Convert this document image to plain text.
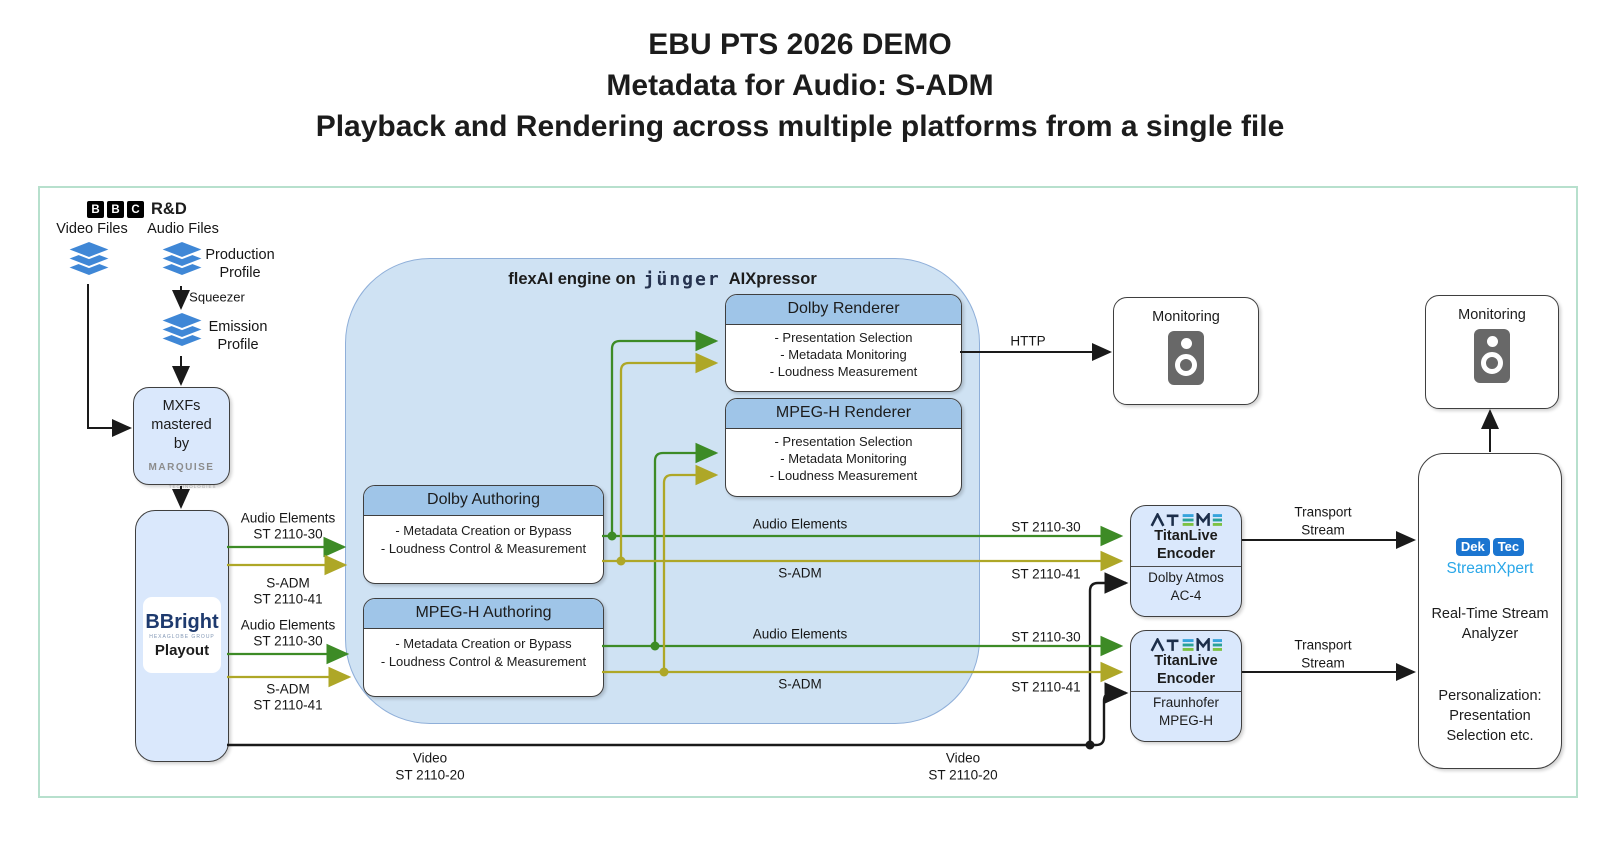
EBU PTS 2026 DEMO
Metadata for Audio: S-ADM
Playback and Rendering across multiple platforms from a single file
flexAI engine on jünger AIXpressor
B	B	C R&D
Video Files Audio Files
Production
Profile
Squeezer
Emission
Profile
MXFs
mastered
by
MARQUISE
TECHNOLOGIES
BBright
HEXAGLOBE GROUP
Playout
Dolby Authoring
- Metadata Creation or Bypass
- Loudness Control & Measurement
MPEG-H Authoring
- Metadata Creation or Bypass
- Loudness Control & Measurement
Dolby Renderer
- Presentation Selection
- Metadata Monitoring
- Loudness Measurement
MPEG-H Renderer
- Presentation Selection
- Metadata Monitoring
- Loudness Measurement
Monitoring	Monitoring
TitanLive
Encoder
Dolby Atmos
AC-4
TitanLive
Encoder
Fraunhofer
MPEG-H
Dek Tec
StreamXpert
Real-Time Stream
Analyzer
Personalization:
Presentation
Selection etc.
Audio Elements
ST 2110-30
S-ADM
ST 2110-41
Audio Elements
ST 2110-30
S-ADM
ST 2110-41
Audio Elements	ST 2110-30
S-ADM	ST 2110-41
Audio Elements	ST 2110-30
S-ADM	ST 2110-41
HTTP
Transport
Stream
Transport
Stream
Video
ST 2110-20
Video
ST 2110-20
